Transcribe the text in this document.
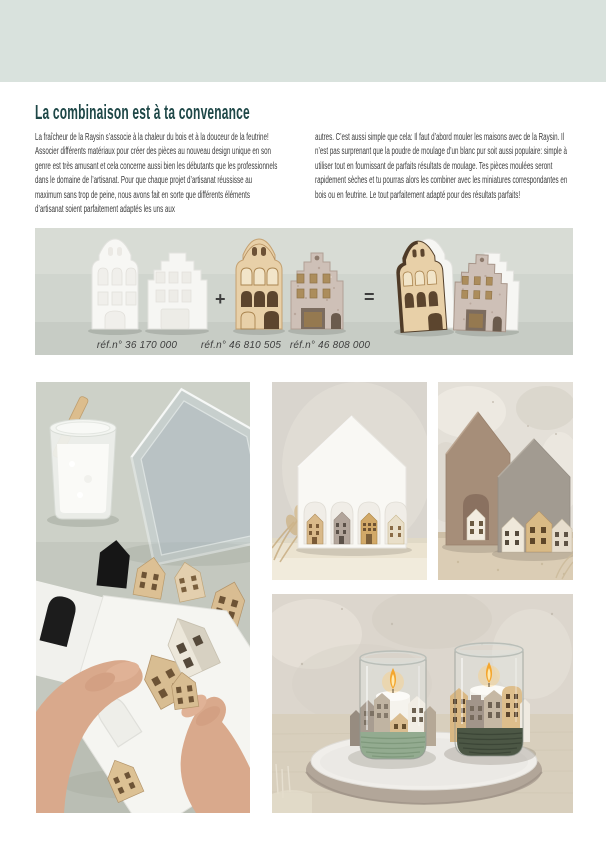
La combinaison est à ta convenance

La fraîcheur de la Raysin s’associe à la chaleur du bois et à la douceur de la feutrine! Associer différents matériaux pour créer des pièces au nouveau design unique en son genre est très amusant et cela concerne aussi bien les débutants que les professionnels dans le domaine de l’artisanat. Pour que chaque projet d’artisanat réussisse au maximum sans trop de peine, nous avons fait en sorte que différents éléments d’artisanat soient parfaitement adaptés les uns aux

autres. C’est aussi simple que cela: Il faut d’abord mouler les maisons avec de la Raysin. Il n’est pas surprenant que la poudre de moulage d’un blanc pur soit aussi populaire: simple à utiliser tout en fournissant de parfaits résultats de moulage. Tes pièces moulées seront rapidement sèches et tu pourras alors les combiner avec les miniatures correspondantes en bois ou en feutrine. Le tout parfaitement adapté pour des résultats parfaits!

+	=
réf.n° 36 170 000	réf.n° 46 810 505 réf.n° 46 808 000
